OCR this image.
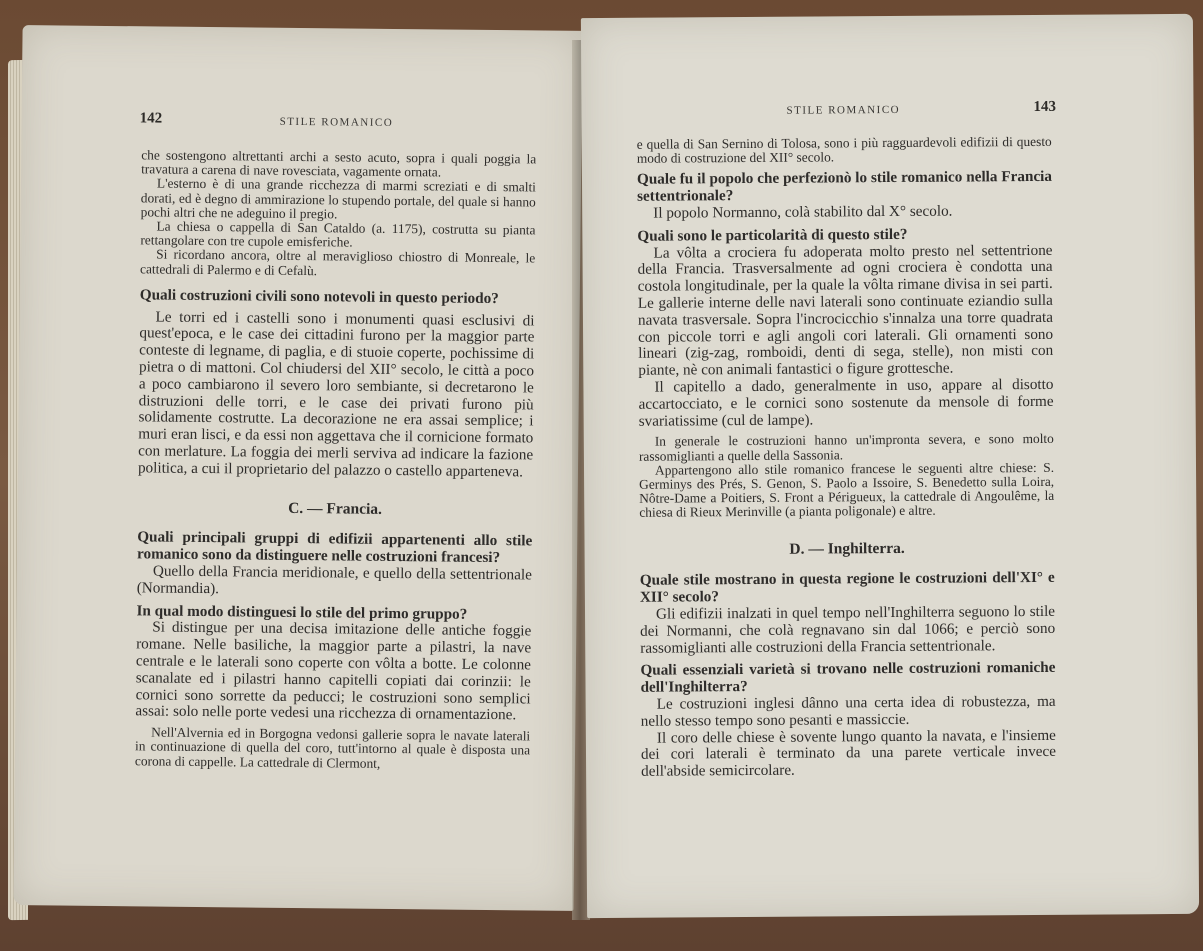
142	STILE ROMANICO

che sostengono altrettanti archi a sesto acuto, sopra i quali poggia la travatura a carena di nave rovesciata, vagamente ornata.

L'esterno è di una grande ricchezza di marmi screziati e di smalti dorati, ed è degno di ammirazione lo stupendo portale, del quale si hanno pochi altri che ne adeguino il pregio.

La chiesa o cappella di San Cataldo (a. 1175), costrutta su pianta rettangolare con tre cupole emisferiche.

Si ricordano ancora, oltre al meraviglioso chiostro di Monreale, le cattedrali di Palermo e di Cefalù.

Quali costruzioni civili sono notevoli in questo periodo?

Le torri ed i castelli sono i monumenti quasi esclusivi di quest'epoca, e le case dei cittadini furono per la maggior parte conteste di legname, di paglia, e di stuoie coperte, pochissime di pietra o di mattoni. Col chiudersi del XII° secolo, le città a poco a poco cambiarono il severo loro sembiante, si decretarono le distruzioni delle torri, e le case dei privati furono più solidamente costrutte. La decorazione ne era assai semplice; i muri eran lisci, e da essi non aggettava che il cornicione formato con merlature. La foggia dei merli serviva ad indicare la fazione politica, a cui il proprietario del palazzo o castello apparteneva.

C. — Francia.

Quali principali gruppi di edifizii appartenenti allo stile romanico sono da distinguere nelle costruzioni francesi?

Quello della Francia meridionale, e quello della settentrionale (Normandia).

In qual modo distinguesi lo stile del primo gruppo?

Si distingue per una decisa imitazione delle antiche foggie romane. Nelle basiliche, la maggior parte a pilastri, la nave centrale e le laterali sono coperte con vôlta a botte. Le colonne scanalate ed i pilastri hanno capitelli copiati dai corinzii: le cornici sono sorrette da peducci; le costruzioni sono semplici assai: solo nelle porte vedesi una ricchezza di ornamentazione.

Nell'Alvernia ed in Borgogna vedonsi gallerie sopra le navate laterali in continuazione di quella del coro, tutt'intorno al quale è disposta una corona di cappelle. La cattedrale di Clermont,

STILE ROMANICO	143

e quella di San Sernino di Tolosa, sono i più ragguardevoli edifizii di questo modo di costruzione del XII° secolo.

Quale fu il popolo che perfezionò lo stile romanico nella Francia settentrionale?

Il popolo Normanno, colà stabilito dal X° secolo.

Quali sono le particolarità di questo stile?

La vôlta a crociera fu adoperata molto presto nel settentrione della Francia. Trasversalmente ad ogni crociera è condotta una costola longitudinale, per la quale la vôlta rimane divisa in sei parti. Le gallerie interne delle navi laterali sono continuate eziandio sulla navata trasversale. Sopra l'incrocicchio s'innalza una torre quadrata con piccole torri e agli angoli cori laterali. Gli ornamenti sono lineari (zig-zag, romboidi, denti di sega, stelle), non misti con piante, nè con animali fantastici o figure grottesche.

Il capitello a dado, generalmente in uso, appare al disotto accartocciato, e le cornici sono sostenute da mensole di forme svariatissime (cul de lampe).

In generale le costruzioni hanno un'impronta severa, e sono molto rassomiglianti a quelle della Sassonia.

Appartengono allo stile romanico francese le seguenti altre chiese: S. Germinys des Prés, S. Genon, S. Paolo a Issoire, S. Benedetto sulla Loira, Nôtre-Dame a Poitiers, S. Front a Périgueux, la cattedrale di Angoulême, la chiesa di Rieux Merinville (a pianta poligonale) e altre.

D. — Inghilterra.

Quale stile mostrano in questa regione le costruzioni dell'XI° e XII° secolo?

Gli edifizii inalzati in quel tempo nell'Inghilterra seguono lo stile dei Normanni, che colà regnavano sin dal 1066; e perciò sono rassomiglianti alle costruzioni della Francia settentrionale.

Quali essenziali varietà si trovano nelle costruzioni romaniche dell'Inghilterra?

Le costruzioni inglesi dânno una certa idea di robustezza, ma nello stesso tempo sono pesanti e massiccie.

Il coro delle chiese è sovente lungo quanto la navata, e l'insieme dei cori laterali è terminato da una parete verticale invece dell'abside semicircolare.
